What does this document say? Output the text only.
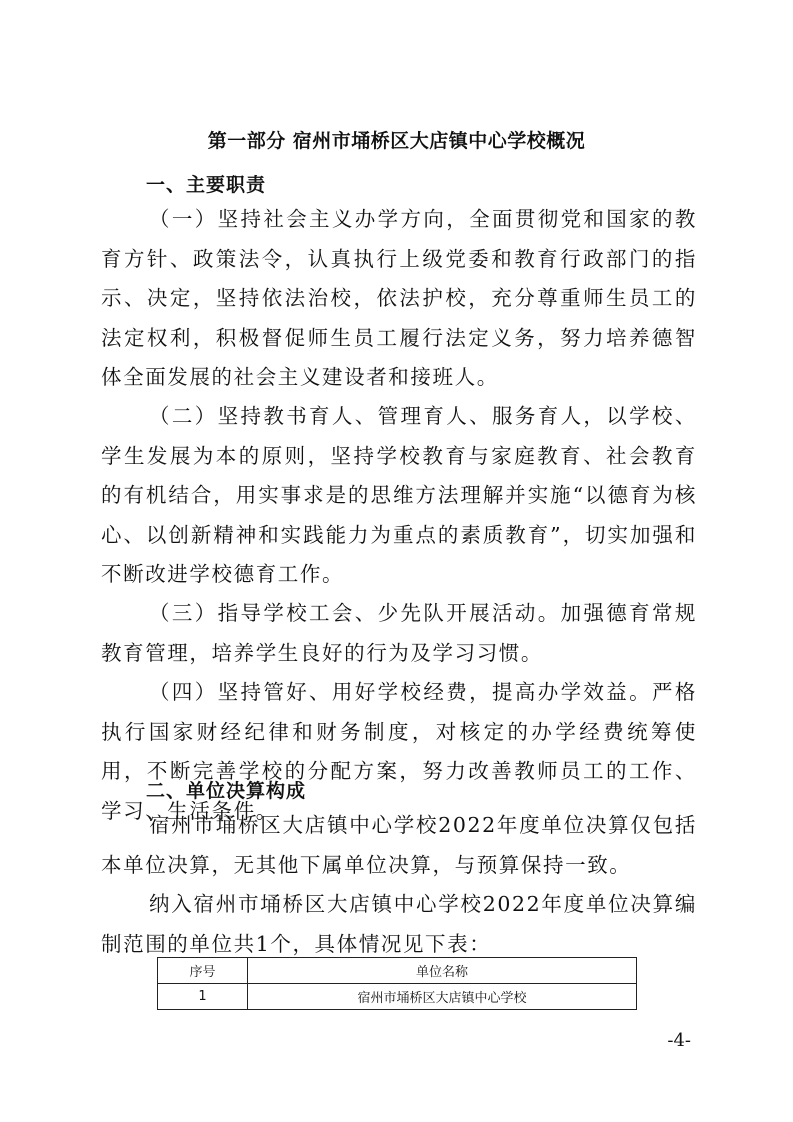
第一部分 宿州市埇桥区大店镇中心学校概况
一、主要职责

（一）坚持社会主义办学方向，全面贯彻党和国家的教育方针、政策法令，认真执行上级党委和教育行政部门的指示、决定，坚持依法治校，依法护校，充分尊重师生员工的法定权利，积极督促师生员工履行法定义务，努力培养德智体全面发展的社会主义建设者和接班人。

（二）坚持教书育人、管理育人、服务育人，以学校、学生发展为本的原则，坚持学校教育与家庭教育、社会教育的有机结合，用实事求是的思维方法理解并实施“以德育为核心、以创新精神和实践能力为重点的素质教育”，切实加强和不断改进学校德育工作。

（三）指导学校工会、少先队开展活动。加强德育常规教育管理，培养学生良好的行为及学习习惯。

（四）坚持管好、用好学校经费，提高办学效益。严格执行国家财经纪律和财务制度，对核定的办学经费统筹使用，不断完善学校的分配方案，努力改善教师员工的工作、学习、生活条件。

二、单位决算构成

宿州市埇桥区大店镇中心学校2022年度单位决算仅包括本单位决算，无其他下属单位决算，与预算保持一致。

纳入宿州市埇桥区大店镇中心学校2022年度单位决算编制范围的单位共1个，具体情况见下表：

序号	单位名称
1	宿州市埇桥区大店镇中心学校
-4-
